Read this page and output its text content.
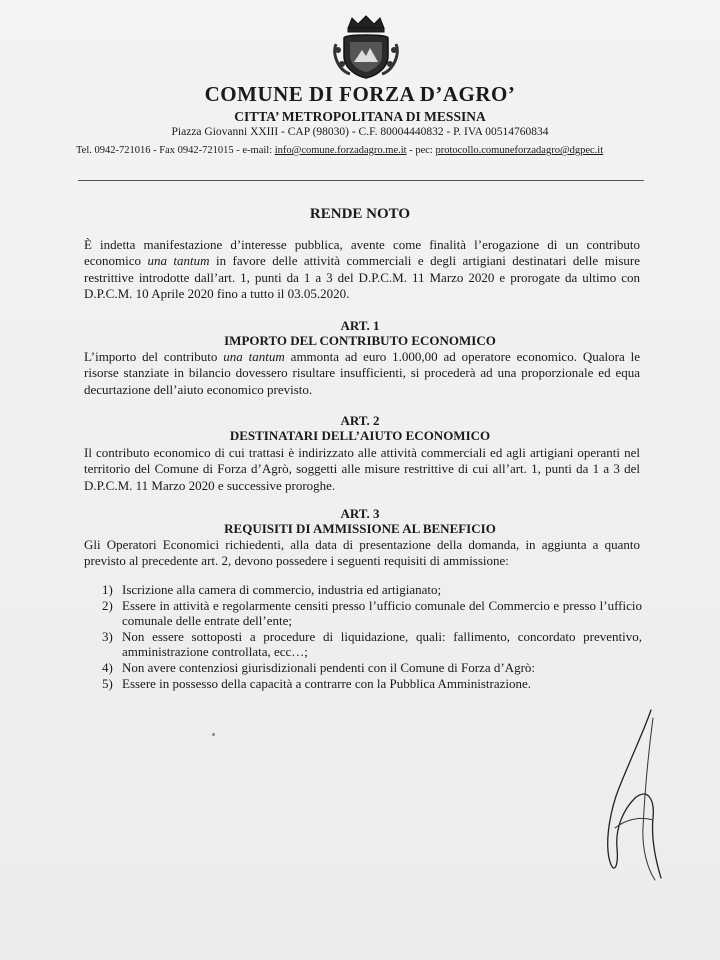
COMUNE DI FORZA D’AGRO’
CITTA’ METROPOLITANA DI MESSINA
Piazza Giovanni XXIII - CAP (98030) - C.F. 80004440832 - P. IVA 00514760834
Tel. 0942-721016 - Fax 0942-721015 - e-mail: info@comune.forzadagro.me.it - pec: protocollo.comuneforzadagro@dgpec.it
RENDE NOTO
È indetta manifestazione d’interesse pubblica, avente come finalità l’erogazione di un contributo economico una tantum in favore delle attività commerciali e degli artigiani destinatari delle misure restrittive introdotte dall’art. 1, punti da 1 a 3 del D.P.C.M. 11 Marzo 2020 e prorogate da ultimo con D.P.C.M. 10 Aprile 2020 fino a tutto il 03.05.2020.
ART. 1
IMPORTO DEL CONTRIBUTO ECONOMICO
L’importo del contributo una tantum ammonta ad euro 1.000,00 ad operatore economico. Qualora le risorse stanziate in bilancio dovessero risultare insufficienti, si procederà ad una proporzionale ed equa decurtazione dell’aiuto economico previsto.
ART. 2
DESTINATARI DELL’AIUTO ECONOMICO
Il contributo economico di cui trattasi è indirizzato alle attività commerciali ed agli artigiani operanti nel territorio del Comune di Forza d’Agrò, soggetti alle misure restrittive di cui all’art. 1, punti da 1 a 3 del D.P.C.M. 11 Marzo 2020 e successive proroghe.
ART. 3
REQUISITI DI AMMISSIONE AL BENEFICIO
Gli Operatori Economici richiedenti, alla data di presentazione della domanda, in aggiunta a quanto previsto al precedente art. 2, devono possedere i seguenti requisiti di ammissione:
1) Iscrizione alla camera di commercio, industria ed artigianato;
2) Essere in attività e regolarmente censiti presso l’ufficio comunale del Commercio e presso l’ufficio comunale delle entrate dell’ente;
3) Non essere sottoposti a procedure di liquidazione, quali: fallimento, concordato preventivo, amministrazione controllata, ecc…;
4) Non avere contenziosi giurisdizionali pendenti con il Comune di Forza d’Agrò:
5) Essere in possesso della capacità a contrarre con la Pubblica Amministrazione.
